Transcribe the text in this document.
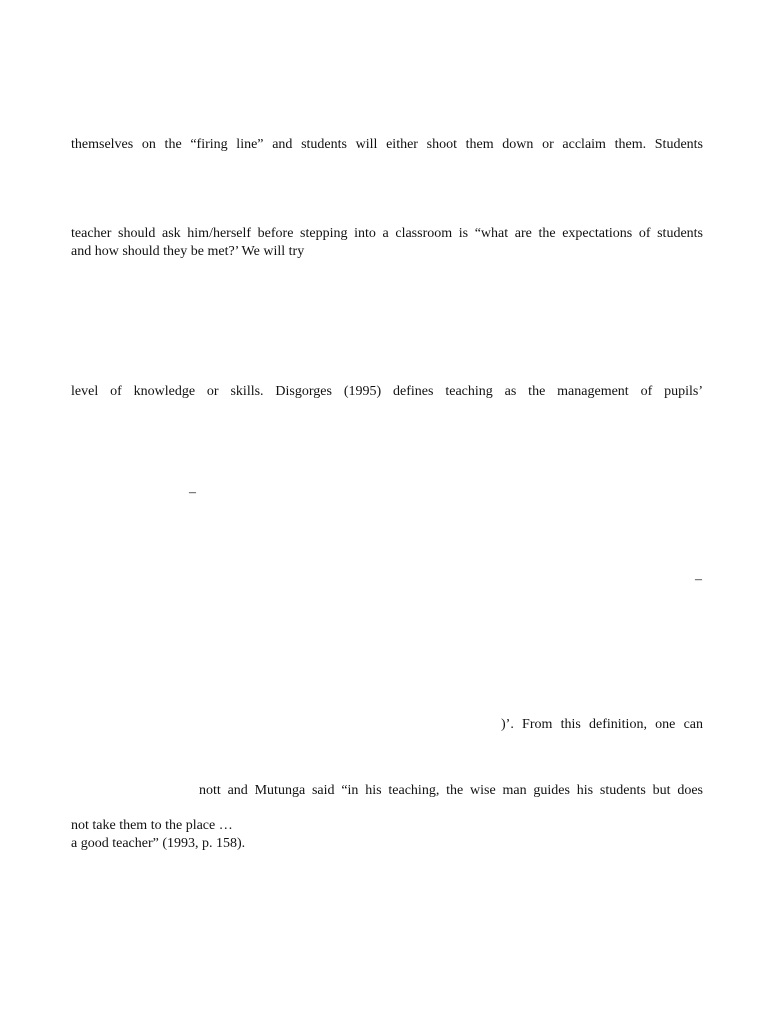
themselves on the “firing line” and students will either shoot them down or acclaim them. Students
teacher should ask him/herself before stepping into a classroom is “what are the expectations of students
and how should they be met?’ We will try
level of knowledge or skills. Disgorges (1995) defines teaching as the management of pupils’
–
–
)’. From this definition, one can
nott and Mutunga said “in his teaching, the wise man guides his students but does
not take them to the place …
a good teacher” (1993, p. 158).
